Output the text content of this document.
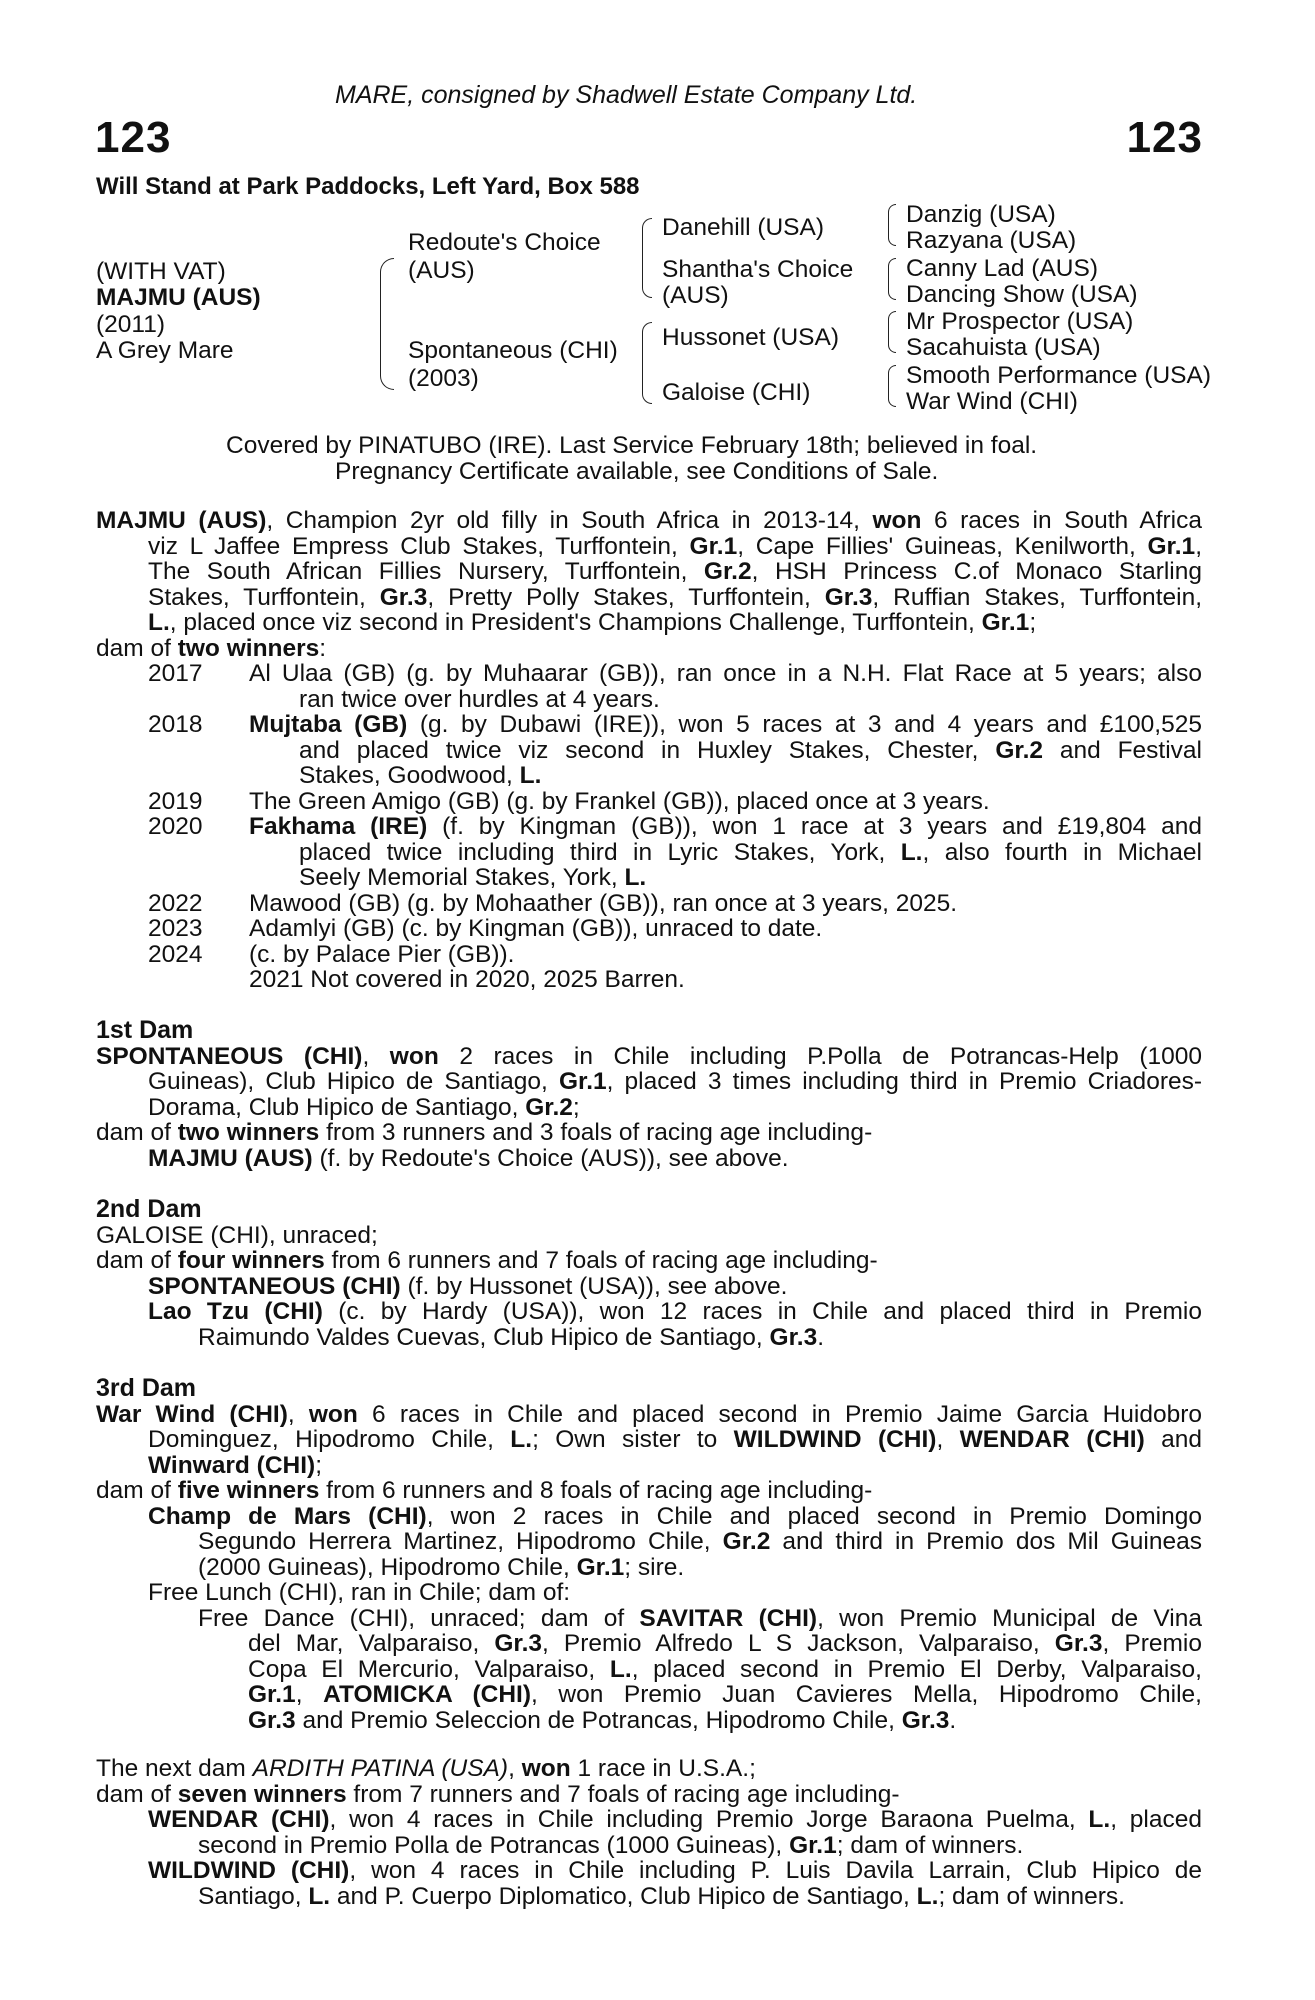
MARE, consigned by Shadwell Estate Company Ltd.
123	123
Will Stand at Park Paddocks, Left Yard, Box 588
(WITH VAT)
MAJMU (AUS)
(2011)
A Grey Mare
Redoute's Choice
(AUS)
Spontaneous (CHI)
(2003)
Danehill (USA)
Shantha's Choice
(AUS)
Hussonet (USA)
Galoise (CHI)
Danzig (USA)
Razyana (USA)
Canny Lad (AUS)
Dancing Show (USA)
Mr Prospector (USA)
Sacahuista (USA)
Smooth Performance (USA)
War Wind (CHI)
Covered by PINATUBO (IRE). Last Service February 18th; believed in foal.
Pregnancy Certificate available, see Conditions of Sale.
MAJMU (AUS), Champion 2yr old filly in South Africa in 2013-14, won 6 races in South Africa
viz L Jaffee Empress Club Stakes, Turffontein, Gr.1, Cape Fillies' Guineas, Kenilworth, Gr.1,
The South African Fillies Nursery, Turffontein, Gr.2, HSH Princess C.of Monaco Starling
Stakes, Turffontein, Gr.3, Pretty Polly Stakes, Turffontein, Gr.3, Ruffian Stakes, Turffontein,
L., placed once viz second in President's Champions Challenge, Turffontein, Gr.1;
dam of two winners:
2017 Al Ulaa (GB) (g. by Muhaarar (GB)), ran once in a N.H. Flat Race at 5 years; also
ran twice over hurdles at 4 years.
2018 Mujtaba (GB) (g. by Dubawi (IRE)), won 5 races at 3 and 4 years and £100,525
and placed twice viz second in Huxley Stakes, Chester, Gr.2 and Festival
Stakes, Goodwood, L.
2019 The Green Amigo (GB) (g. by Frankel (GB)), placed once at 3 years.
2020 Fakhama (IRE) (f. by Kingman (GB)), won 1 race at 3 years and £19,804 and
placed twice including third in Lyric Stakes, York, L., also fourth in Michael
Seely Memorial Stakes, York, L.
2022 Mawood (GB) (g. by Mohaather (GB)), ran once at 3 years, 2025.
2023 Adamlyi (GB) (c. by Kingman (GB)), unraced to date.
2024 (c. by Palace Pier (GB)).
2021 Not covered in 2020, 2025 Barren.
1st Dam
SPONTANEOUS (CHI), won 2 races in Chile including P.Polla de Potrancas-Help (1000
Guineas), Club Hipico de Santiago, Gr.1, placed 3 times including third in Premio Criadores-
Dorama, Club Hipico de Santiago, Gr.2;
dam of two winners from 3 runners and 3 foals of racing age including-
MAJMU (AUS) (f. by Redoute's Choice (AUS)), see above.
2nd Dam
GALOISE (CHI), unraced;
dam of four winners from 6 runners and 7 foals of racing age including-
SPONTANEOUS (CHI) (f. by Hussonet (USA)), see above.
Lao Tzu (CHI) (c. by Hardy (USA)), won 12 races in Chile and placed third in Premio
Raimundo Valdes Cuevas, Club Hipico de Santiago, Gr.3.
3rd Dam
War Wind (CHI), won 6 races in Chile and placed second in Premio Jaime Garcia Huidobro
Dominguez, Hipodromo Chile, L.; Own sister to WILDWIND (CHI), WENDAR (CHI) and
Winward (CHI);
dam of five winners from 6 runners and 8 foals of racing age including-
Champ de Mars (CHI), won 2 races in Chile and placed second in Premio Domingo
Segundo Herrera Martinez, Hipodromo Chile, Gr.2 and third in Premio dos Mil Guineas
(2000 Guineas), Hipodromo Chile, Gr.1; sire.
Free Lunch (CHI), ran in Chile; dam of:
Free Dance (CHI), unraced; dam of SAVITAR (CHI), won Premio Municipal de Vina
del Mar, Valparaiso, Gr.3, Premio Alfredo L S Jackson, Valparaiso, Gr.3, Premio
Copa El Mercurio, Valparaiso, L., placed second in Premio El Derby, Valparaiso,
Gr.1, ATOMICKA (CHI), won Premio Juan Cavieres Mella, Hipodromo Chile,
Gr.3 and Premio Seleccion de Potrancas, Hipodromo Chile, Gr.3.
The next dam ARDITH PATINA (USA), won 1 race in U.S.A.;
dam of seven winners from 7 runners and 7 foals of racing age including-
WENDAR (CHI), won 4 races in Chile including Premio Jorge Baraona Puelma, L., placed
second in Premio Polla de Potrancas (1000 Guineas), Gr.1; dam of winners.
WILDWIND (CHI), won 4 races in Chile including P. Luis Davila Larrain, Club Hipico de
Santiago, L. and P. Cuerpo Diplomatico, Club Hipico de Santiago, L.; dam of winners.
